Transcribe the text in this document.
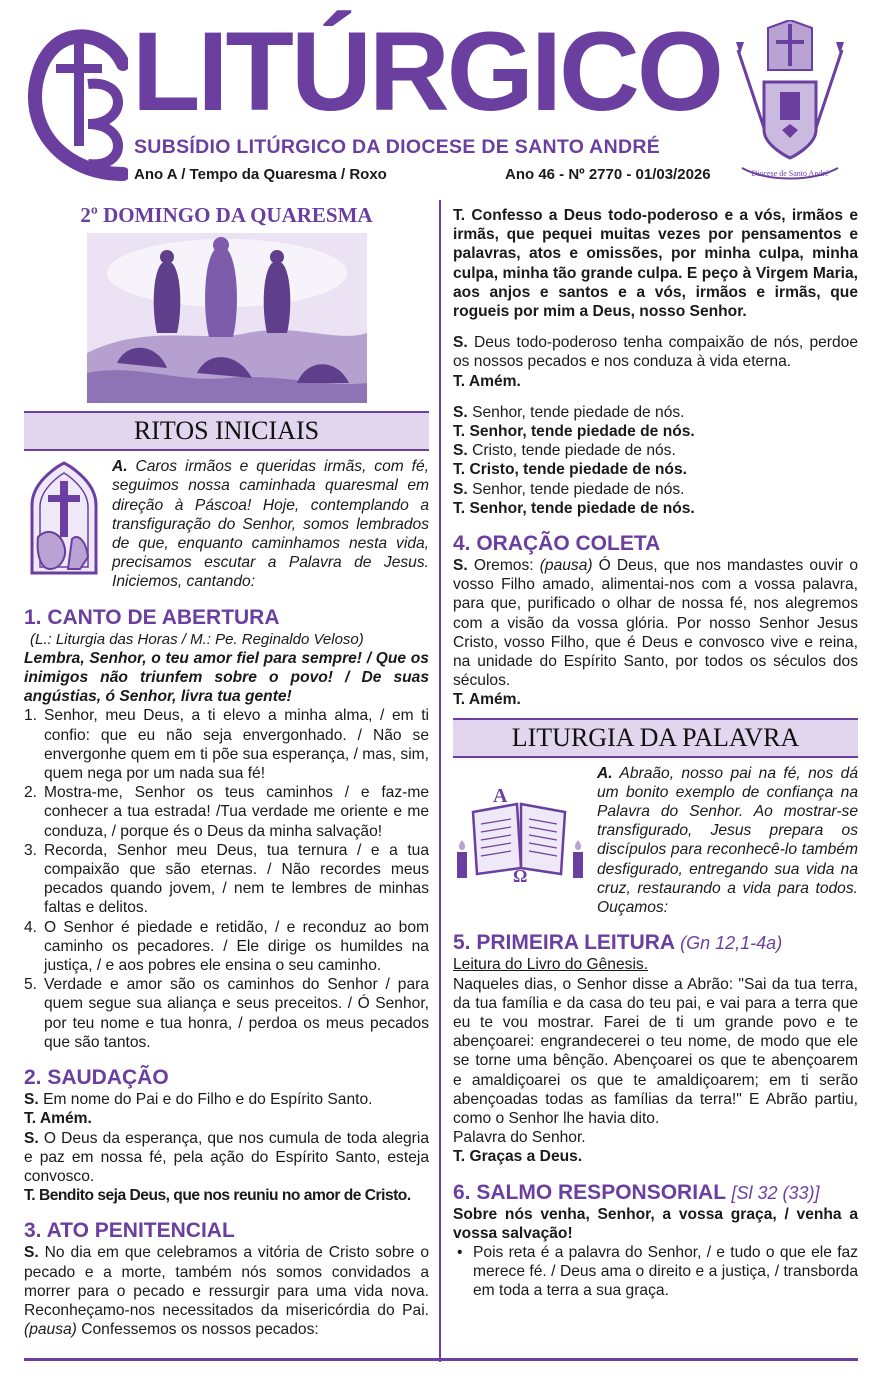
LITÚRGICO
SUBSÍDIO LITÚRGICO DA DIOCESE DE SANTO ANDRÉ
Ano A / Tempo da Quaresma / Roxo	Ano 46 - Nº 2770 - 01/03/2026	Diocese de Santo André
2º DOMINGO DA QUARESMA
RITOS INICIAIS

A. Caros irmãos e queridas irmãs, com fé, seguimos nossa caminhada quaresmal em direção à Páscoa! Hoje, contemplando a transfiguração do Senhor, somos lembrados de que, enquanto caminhamos nesta vida, precisamos escutar a Palavra de Jesus. Iniciemos, cantando:

1. CANTO DE ABERTURA
(L.: Liturgia das Horas / M.: Pe. Reginaldo Veloso)
Lembra, Senhor, o teu amor fiel para sempre! / Que os inimigos não triunfem sobre o povo! / De suas angústias, ó Senhor, livra tua gente!
1. Senhor, meu Deus, a ti elevo a minha alma, / em ti confio: que eu não seja envergonhado. / Não se envergonhe quem em ti põe sua esperança, / mas, sim, quem nega por um nada sua fé!
2. Mostra-me, Senhor os teus caminhos / e faz-me conhecer a tua estrada! /Tua verdade me oriente e me conduza, / porque és o Deus da minha salvação!
3. Recorda, Senhor meu Deus, tua ternura / e a tua compaixão que são eternas. / Não recordes meus pecados quando jovem, / nem te lembres de minhas faltas e delitos.
4. O Senhor é piedade e retidão, / e reconduz ao bom caminho os pecadores. / Ele dirige os humildes na justiça, / e aos pobres ele ensina o seu caminho.
5. Verdade e amor são os caminhos do Senhor / para quem segue sua aliança e seus preceitos. / Ó Senhor, por teu nome e tua honra, / perdoa os meus pecados que são tantos.
2. SAUDAÇÃO

S. Em nome do Pai e do Filho e do Espírito Santo.

T. Amém.

S. O Deus da esperança, que nos cumula de toda alegria e paz em nossa fé, pela ação do Espírito Santo, esteja convosco.

T. Bendito seja Deus, que nos reuniu no amor de Cristo.

3. ATO PENITENCIAL

S. No dia em que celebramos a vitória de Cristo sobre o pecado e a morte, também nós somos convidados a morrer para o pecado e ressurgir para uma vida nova. Reconheçamo-nos necessitados da misericórdia do Pai. (pausa) Confessemos os nossos pecados:

T. Confesso a Deus todo-poderoso e a vós, irmãos e irmãs, que pequei muitas vezes por pensamentos e palavras, atos e omissões, por minha culpa, minha culpa, minha tão grande culpa. E peço à Virgem Maria, aos anjos e santos e a vós, irmãos e irmãs, que rogueis por mim a Deus, nosso Senhor.

S. Deus todo-poderoso tenha compaixão de nós, perdoe os nossos pecados e nos conduza à vida eterna.

T. Amém.

S. Senhor, tende piedade de nós.

T. Senhor, tende piedade de nós.

S. Cristo, tende piedade de nós.

T. Cristo, tende piedade de nós.

S. Senhor, tende piedade de nós.

T. Senhor, tende piedade de nós.

4. ORAÇÃO COLETA

S. Oremos: (pausa) Ó Deus, que nos mandastes ouvir o vosso Filho amado, alimentai-nos com a vossa palavra, para que, purificado o olhar de nossa fé, nos alegremos com a visão da vossa glória. Por nosso Senhor Jesus Cristo, vosso Filho, que é Deus e convosco vive e reina, na unidade do Espírito Santo, por todos os séculos dos séculos.

T. Amém.

LITURGIA DA PALAVRA
A
Ω

A. Abraão, nosso pai na fé, nos dá um bonito exemplo de confiança na Palavra do Senhor. Ao mostrar-se transfigurado, Jesus prepara os discípulos para reconhecê-lo também desfigurado, entregando sua vida na cruz, restaurando a vida para todos. Ouçamos:

5. PRIMEIRA LEITURA (Gn 12,1-4a)

Leitura do Livro do Gênesis.

Naqueles dias, o Senhor disse a Abrão: "Sai da tua terra, da tua família e da casa do teu pai, e vai para a terra que eu te vou mostrar. Farei de ti um grande povo e te abençoarei: engrandecerei o teu nome, de modo que ele se torne uma bênção. Abençoarei os que te abençoarem e amaldiçoarei os que te amaldiçoarem; em ti serão abençoadas todas as famílias da terra!" E Abrão partiu, como o Senhor lhe havia dito.

Palavra do Senhor.

T. Graças a Deus.

6. SALMO RESPONSORIAL [Sl 32 (33)]

Sobre nós venha, Senhor, a vossa graça, / venha a vossa salvação!

• Pois reta é a palavra do Senhor, / e tudo o que ele faz merece fé. / Deus ama o direito e a justiça, / transborda em toda a terra a sua graça.
